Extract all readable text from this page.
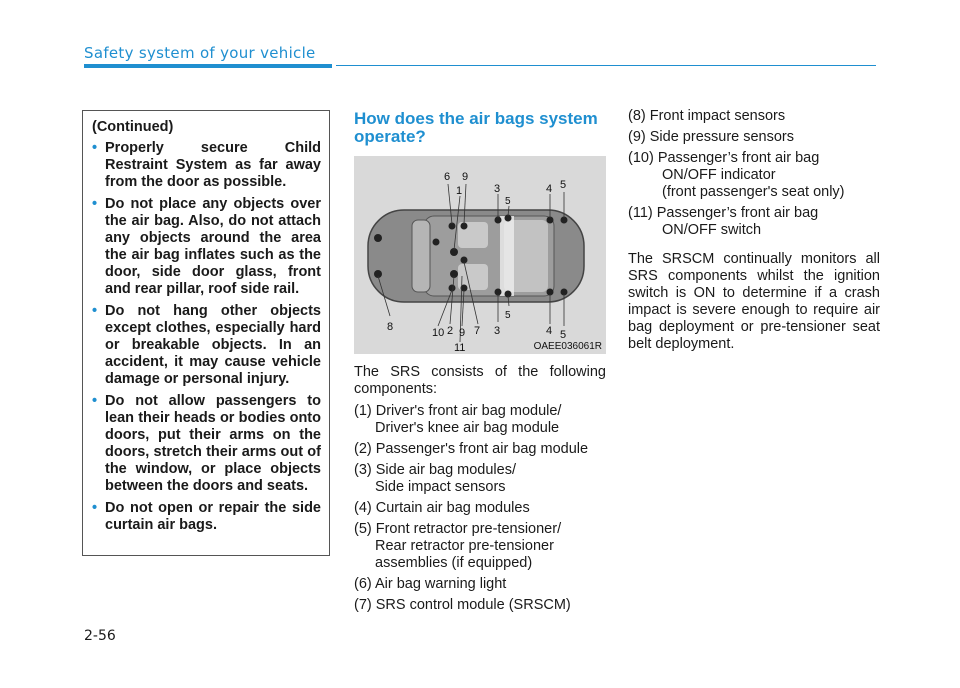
Safety system of your vehicle
(Continued)
• Properly secure Child Restraint System as far away from the door as possible.
• Do not place any objects over the air bag. Also, do not attach any objects around the area the air bag inflates such as the door, side door glass, front and rear pillar, roof side rail.
• Do not hang other objects except clothes, especially hard or breakable objects. In an accident, it may cause vehicle damage or personal injury.
• Do not allow passengers to lean their heads or bodies onto doors, put their arms on the doors, stretch their arms out of the window, or place objects between the doors and seats.
• Do not open or repair the side curtain air bags.
How does the air bags system operate?
6 9
1	3
5
4 5
8	10 2 9
11
7 3
5
4 5
OAEE036061R
The SRS consists of the following components:
(1) Driver's front air bag module/
Driver's knee air bag module
(2) Passenger's front air bag module
(3) Side air bag modules/
Side impact sensors
(4) Curtain air bag modules
(5) Front retractor pre-tensioner/
Rear retractor pre-tensioner
assemblies (if equipped)
(6) Air bag warning light
(7) SRS control module (SRSCM)
(8) Front impact sensors
(9) Side pressure sensors
(10) Passenger’s front air bag
ON/OFF indicator
(front passenger's seat only)
(11) Passenger’s front air bag
ON/OFF switch
The SRSCM continually monitors all SRS components whilst the ignition switch is ON to determine if a crash impact is severe enough to require air bag deployment or pre-tensioner seat belt deployment.
2-56
